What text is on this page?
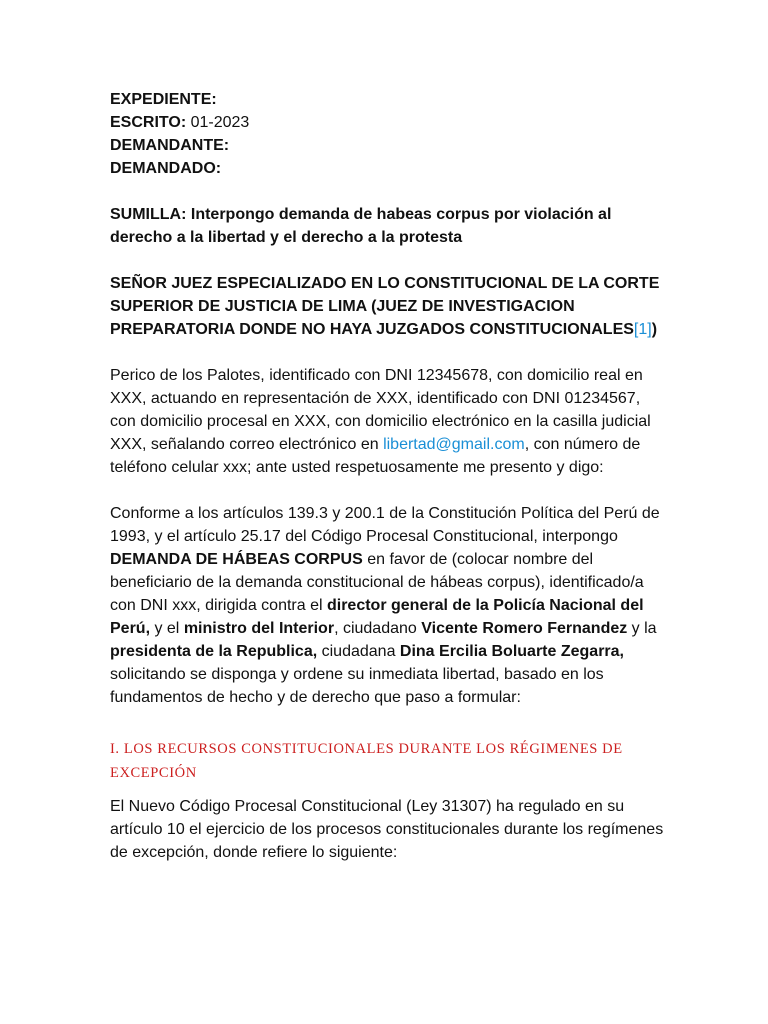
EXPEDIENTE:

ESCRITO: 01-2023

DEMANDANTE:

DEMANDADO:

SUMILLA: Interpongo demanda de habeas corpus por violación al derecho a la libertad y el derecho a la protesta

SEÑOR JUEZ ESPECIALIZADO EN LO CONSTITUCIONAL DE LA CORTE SUPERIOR DE JUSTICIA DE LIMA (JUEZ DE INVESTIGACION PREPARATORIA DONDE NO HAYA JUZGADOS CONSTITUCIONALES[1])

Perico de los Palotes, identificado con DNI 12345678, con domicilio real en XXX, actuando en representación de XXX, identificado con DNI 01234567, con domicilio procesal en XXX, con domicilio electrónico en la casilla judicial XXX, señalando correo electrónico en libertad@gmail.com, con número de teléfono celular xxx; ante usted respetuosamente me presento y digo:

Conforme a los artículos 139.3 y 200.1 de la Constitución Política del Perú de 1993, y el artículo 25.17 del Código Procesal Constitucional, interpongo DEMANDA DE HÁBEAS CORPUS en favor de (colocar nombre del beneficiario de la demanda constitucional de hábeas corpus), identificado/a con DNI xxx, dirigida contra el director general de la Policía Nacional del Perú, y el ministro del Interior, ciudadano Vicente Romero Fernandez y la presidenta de la Republica, ciudadana Dina Ercilia Boluarte Zegarra, solicitando se disponga y ordene su inmediata libertad, basado en los fundamentos de hecho y de derecho que paso a formular:

I. LOS RECURSOS CONSTITUCIONALES DURANTE LOS RÉGIMENES DE EXCEPCIÓN

El Nuevo Código Procesal Constitucional (Ley 31307) ha regulado en su artículo 10 el ejercicio de los procesos constitucionales durante los regímenes de excepción, donde refiere lo siguiente:
